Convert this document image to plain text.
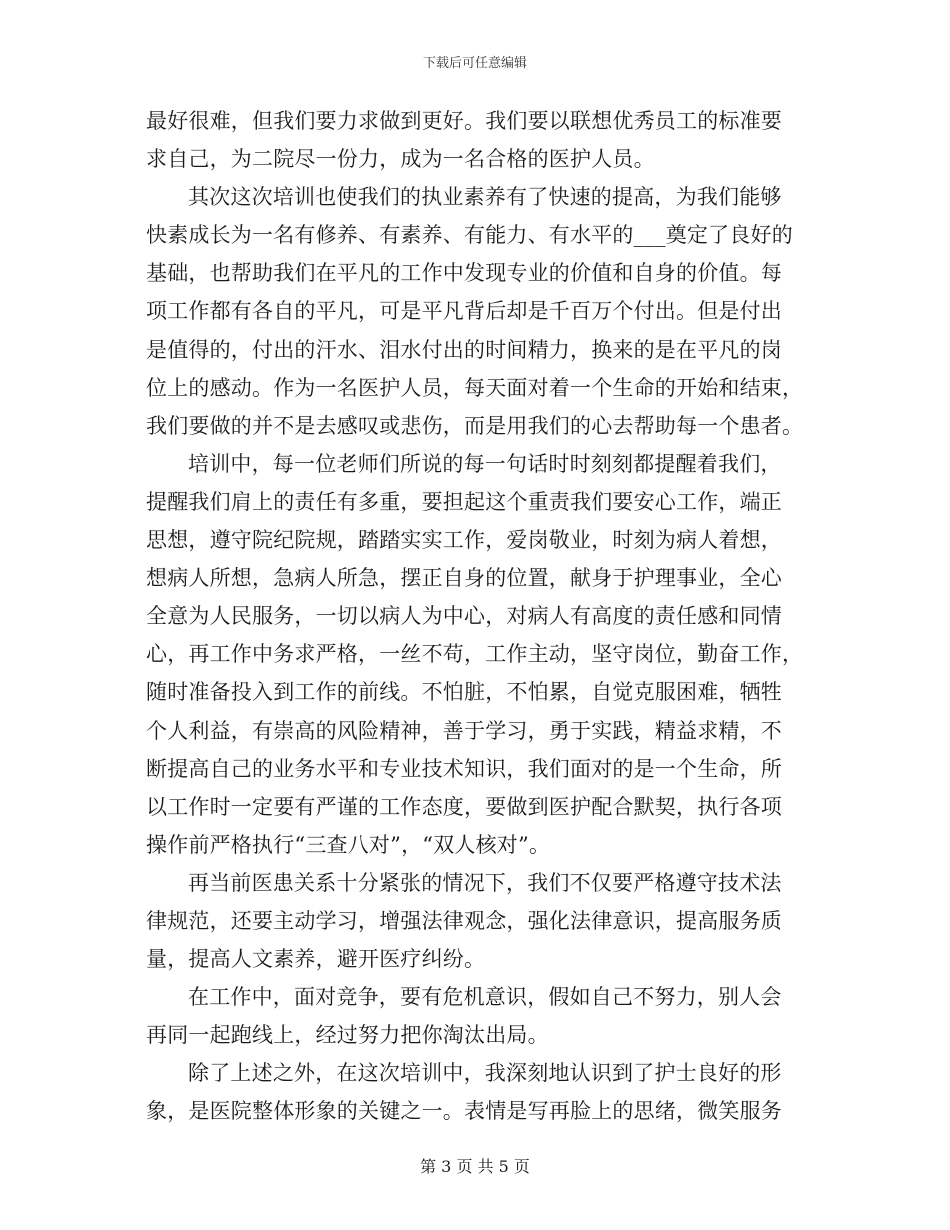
下载后可任意编辑
最好很难，但我们要力求做到更好。我们要以联想优秀员工的标准要
求自己，为二院尽一份力，成为一名合格的医护人员。
其次这次培训也使我们的执业素养有了快速的提高，为我们能够
快素成长为一名有修养、有素养、有能力、有水平的___奠定了良好的
基础，也帮助我们在平凡的工作中发现专业的价值和自身的价值。每
项工作都有各自的平凡，可是平凡背后却是千百万个付出。但是付出
是值得的，付出的汗水、泪水付出的时间精力，换来的是在平凡的岗
位上的感动。作为一名医护人员，每天面对着一个生命的开始和结束，
我们要做的并不是去感叹或悲伤，而是用我们的心去帮助每一个患者。
培训中，每一位老师们所说的每一句话时时刻刻都提醒着我们，
提醒我们肩上的责任有多重，要担起这个重责我们要安心工作，端正
思想，遵守院纪院规，踏踏实实工作，爱岗敬业，时刻为病人着想，
想病人所想，急病人所急，摆正自身的位置，献身于护理事业，全心
全意为人民服务，一切以病人为中心，对病人有高度的责任感和同情
心，再工作中务求严格，一丝不苟，工作主动，坚守岗位，勤奋工作，
随时准备投入到工作的前线。不怕脏，不怕累，自觉克服困难，牺牲
个人利益，有崇高的风险精神，善于学习，勇于实践，精益求精，不
断提高自己的业务水平和专业技术知识，我们面对的是一个生命，所
以工作时一定要有严谨的工作态度，要做到医护配合默契，执行各项
操作前严格执行“三查八对”，“双人核对”。
再当前医患关系十分紧张的情况下，我们不仅要严格遵守技术法
律规范，还要主动学习，增强法律观念，强化法律意识，提高服务质
量，提高人文素养，避开医疗纠纷。
在工作中，面对竞争，要有危机意识，假如自己不努力，别人会
再同一起跑线上，经过努力把你淘汰出局。
除了上述之外，在这次培训中，我深刻地认识到了护士良好的形
象，是医院整体形象的关键之一。表情是写再脸上的思绪，微笑服务
第 3 页 共 5 页
